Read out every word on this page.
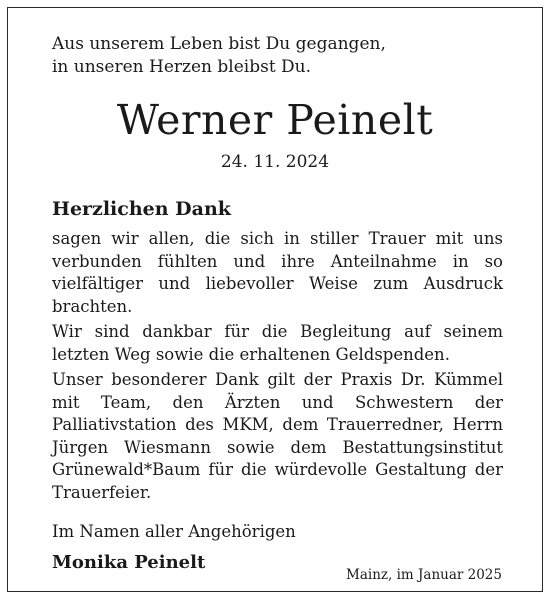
Aus unserem Leben bist Du gegangen,
in unseren Herzen bleibst Du.
Werner Peinelt
24. 11. 2024
Herzlichen Dank

sagen wir allen, die sich in stiller Trauer mit uns verbunden fühlten und ihre Anteilnahme in so vielfältiger und liebevoller Weise zum Ausdruck brachten.

Wir sind dankbar für die Begleitung auf seinem letzten Weg sowie die erhaltenen Geldspenden.

Unser besonderer Dank gilt der Praxis Dr. Kümmel mit Team, den Ärzten und Schwestern der Palliativstation des MKM, dem Trauerredner, Herrn Jürgen Wiesmann sowie dem Bestattungsinstitut Grünewald*Baum für die würdevolle Gestaltung der Trauerfeier.

Im Namen aller Angehörigen
Monika Peinelt
Mainz, im Januar 2025
